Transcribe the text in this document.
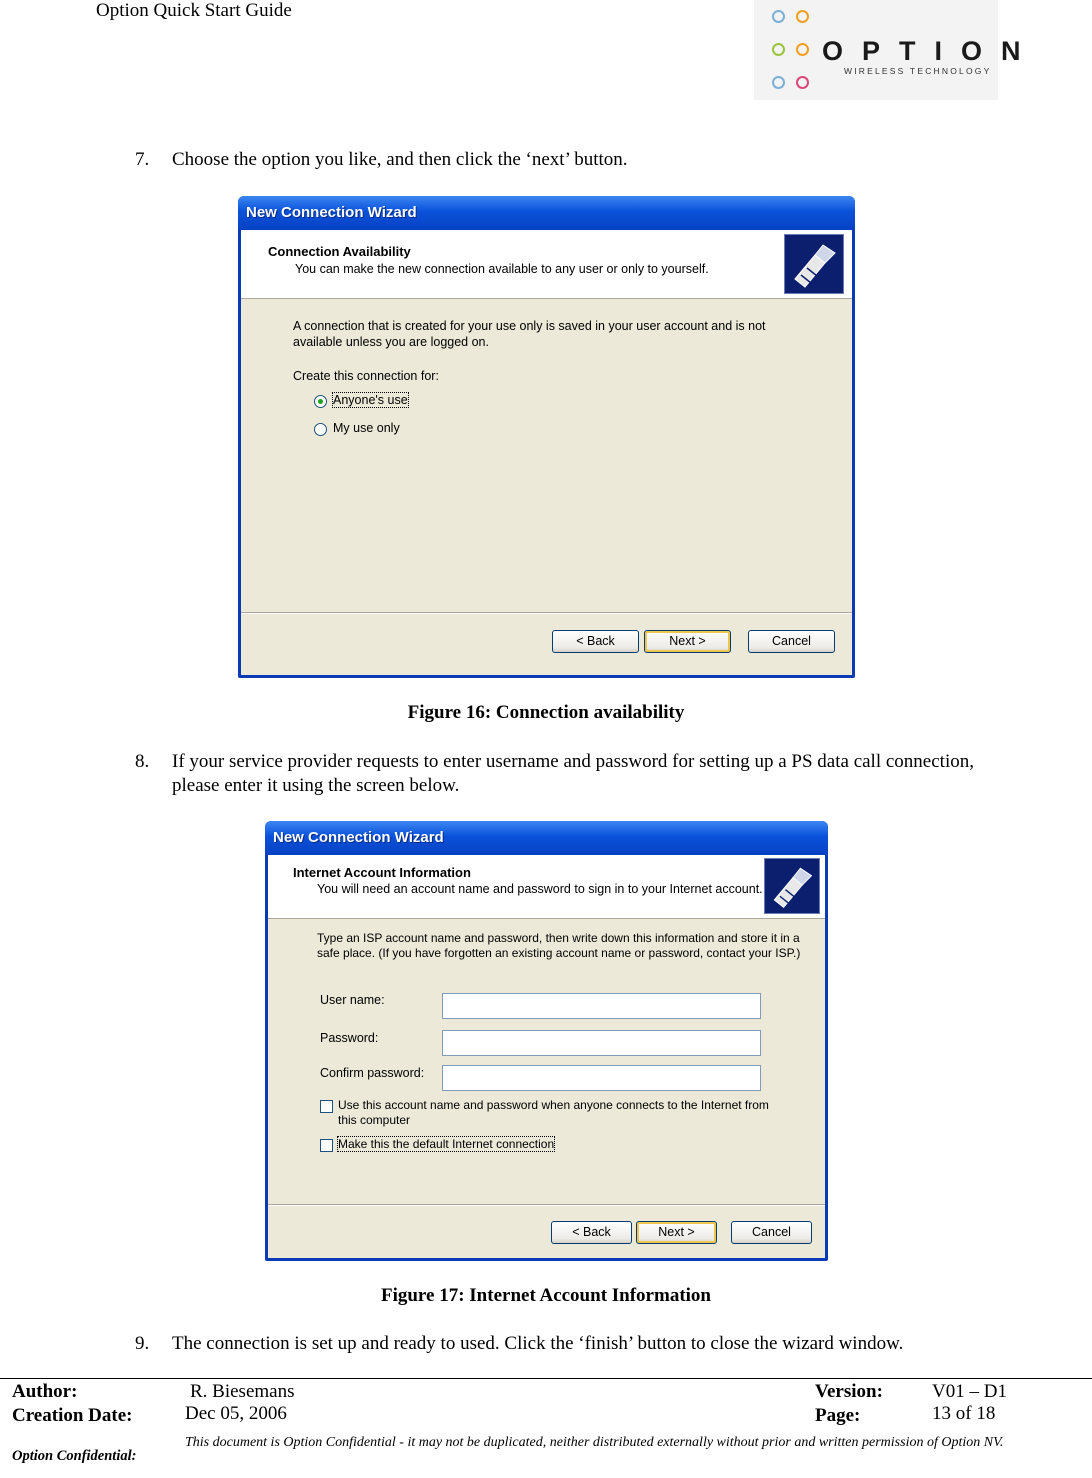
Option Quick Start Guide
OPTION
WIRELESS TECHNOLOGY
7. Choose the option you like, and then click the ‘next’ button.
New Connection Wizard
Connection Availability
You can make the new connection available to any user or only to yourself.
A connection that is created for your use only is saved in your user account and is not available unless you are logged on.
Create this connection for:
Anyone's use
My use only
< Back	Next >	Cancel
Figure 16: Connection availability
8. If your service provider requests to enter username and password for setting up a PS data call connection, please enter it using the screen below.
New Connection Wizard
Internet Account Information
You will need an account name and password to sign in to your Internet account.
Type an ISP account name and password, then write down this information and store it in a safe place. (If you have forgotten an existing account name or password, contact your ISP.)
User name:
Password:
Confirm password:
Use this account name and password when anyone connects to the Internet from this computer
Make this the default Internet connection
< Back	Next >	Cancel
Figure 17: Internet Account Information
9. The connection is set up and ready to used. Click the ‘finish’ button to close the wizard window.
Author:	R. Biesemans	Version:	V01 – D1
Creation Date:	Dec 05, 2006	Page:	13 of 18
Option Confidential:
This document is Option Confidential - it may not be duplicated, neither distributed externally without prior and written permission of Option NV.
